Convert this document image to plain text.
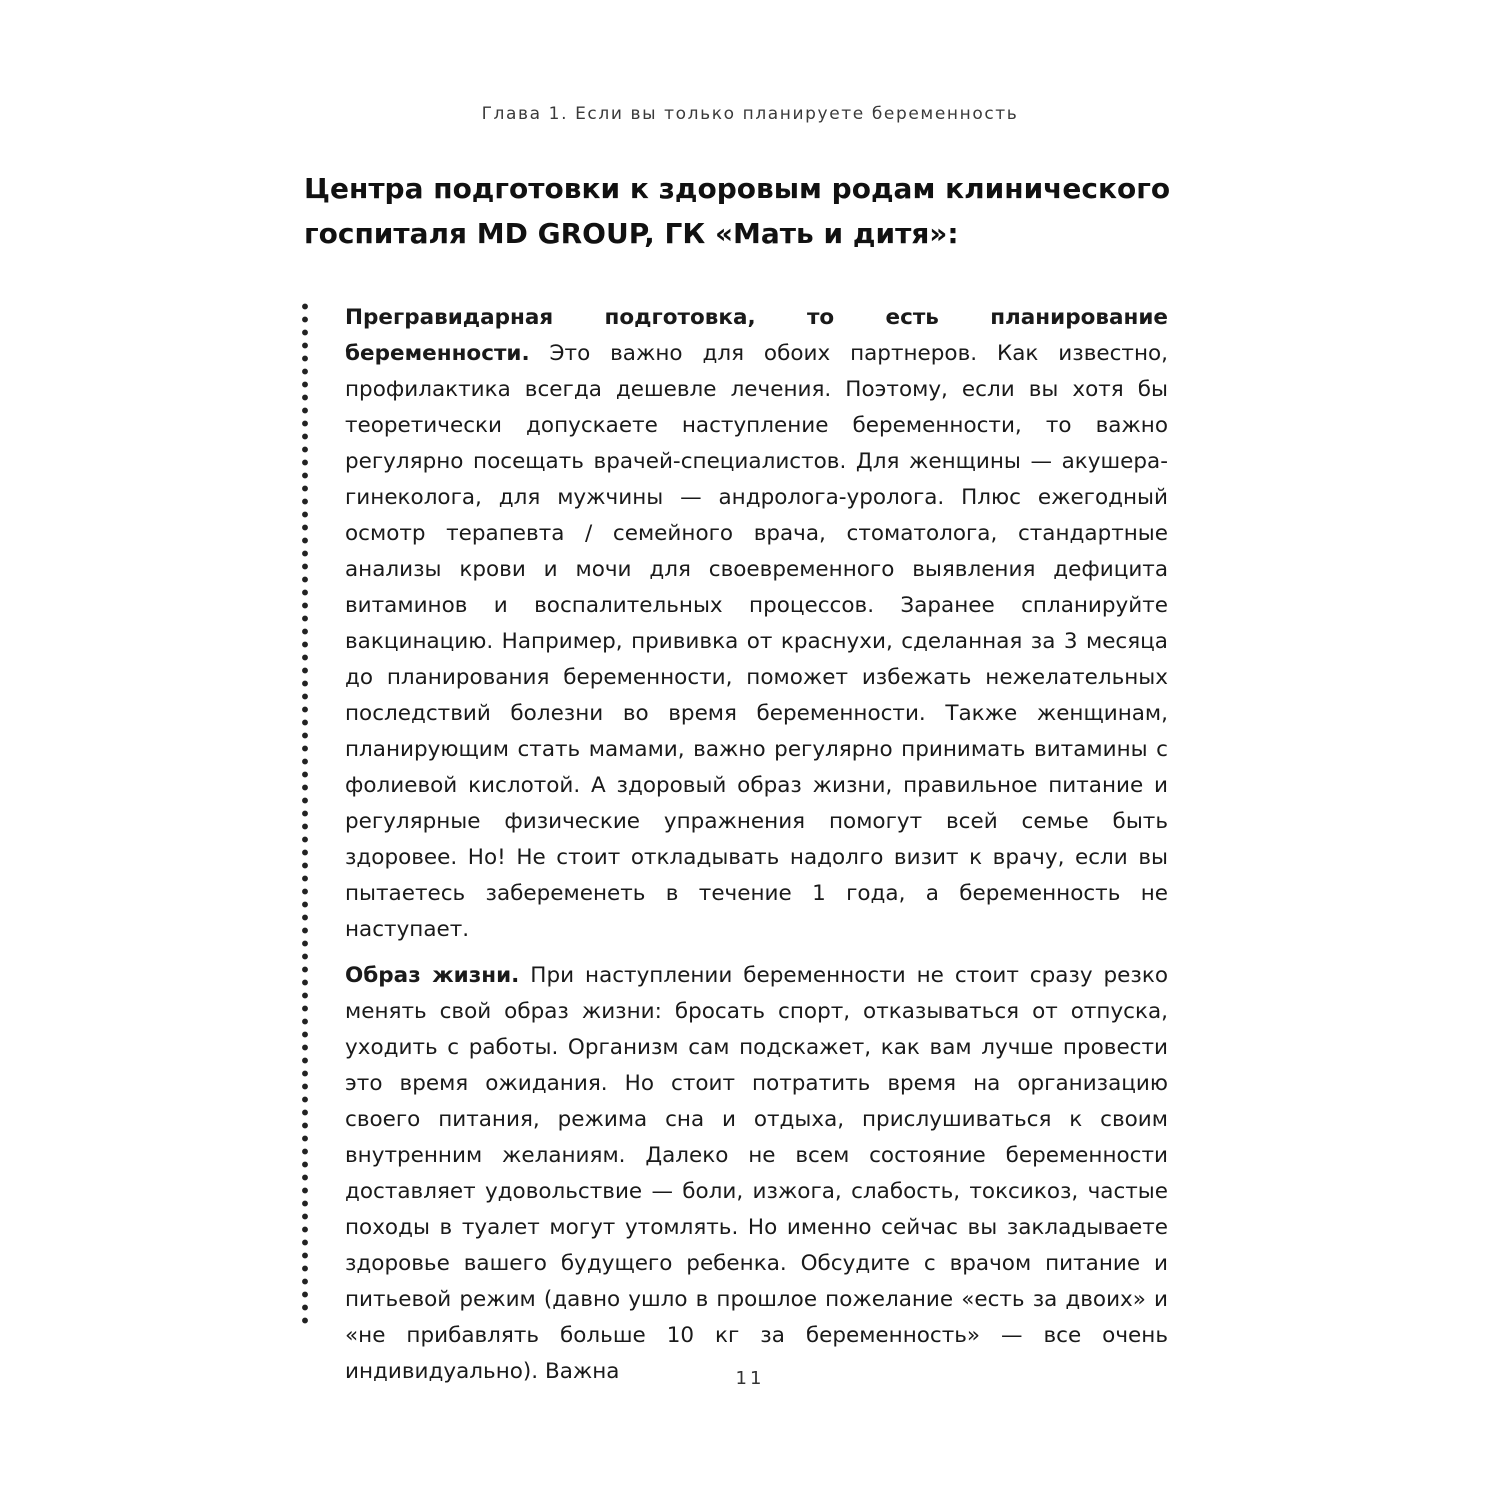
Глава 1. Если вы только планируете беременность
Центра подготовки к здоровым родам клинического госпиталя MD GROUP, ГК «Мать и дитя»:

Прегравидарная подготовка, то есть планирование беременности. Это важно для обоих партнеров. Как известно, профилактика всегда дешевле лечения. Поэтому, если вы хотя бы теоретически допускаете наступление беременности, то важно регулярно посещать врачей-специалистов. Для женщины — акушера-гинеколога, для мужчины — андролога-уролога. Плюс ежегодный осмотр терапевта / семейного врача, стоматолога, стандартные анализы крови и мочи для своевременного выявления дефицита витаминов и воспалительных процессов. Заранее спланируйте вакцинацию. Например, прививка от краснухи, сделанная за 3 месяца до планирования беременности, поможет избежать нежелательных последствий болезни во время беременности. Также женщинам, планирующим стать мамами, важно регулярно принимать витамины с фолиевой кислотой. А здоровый образ жизни, правильное питание и регулярные физические упражнения помогут всей семье быть здоровее. Но! Не стоит откладывать надолго визит к врачу, если вы пытаетесь забеременеть в течение 1 года, а беременность не наступает.

Образ жизни. При наступлении беременности не стоит сразу резко менять свой образ жизни: бросать спорт, отказываться от отпуска, уходить с работы. Организм сам подскажет, как вам лучше провести это время ожидания. Но стоит потратить время на организацию своего питания, режима сна и отдыха, прислушиваться к своим внутренним желаниям. Далеко не всем состояние беременности доставляет удовольствие — боли, изжога, слабость, токсикоз, частые походы в туалет могут утомлять. Но именно сейчас вы закладываете здоровье вашего будущего ребенка. Обсудите с врачом питание и питьевой режим (давно ушло в прошлое пожелание «есть за двоих» и «не прибавлять больше 10 кг за беременность» — все очень индивидуально). Важна	11
